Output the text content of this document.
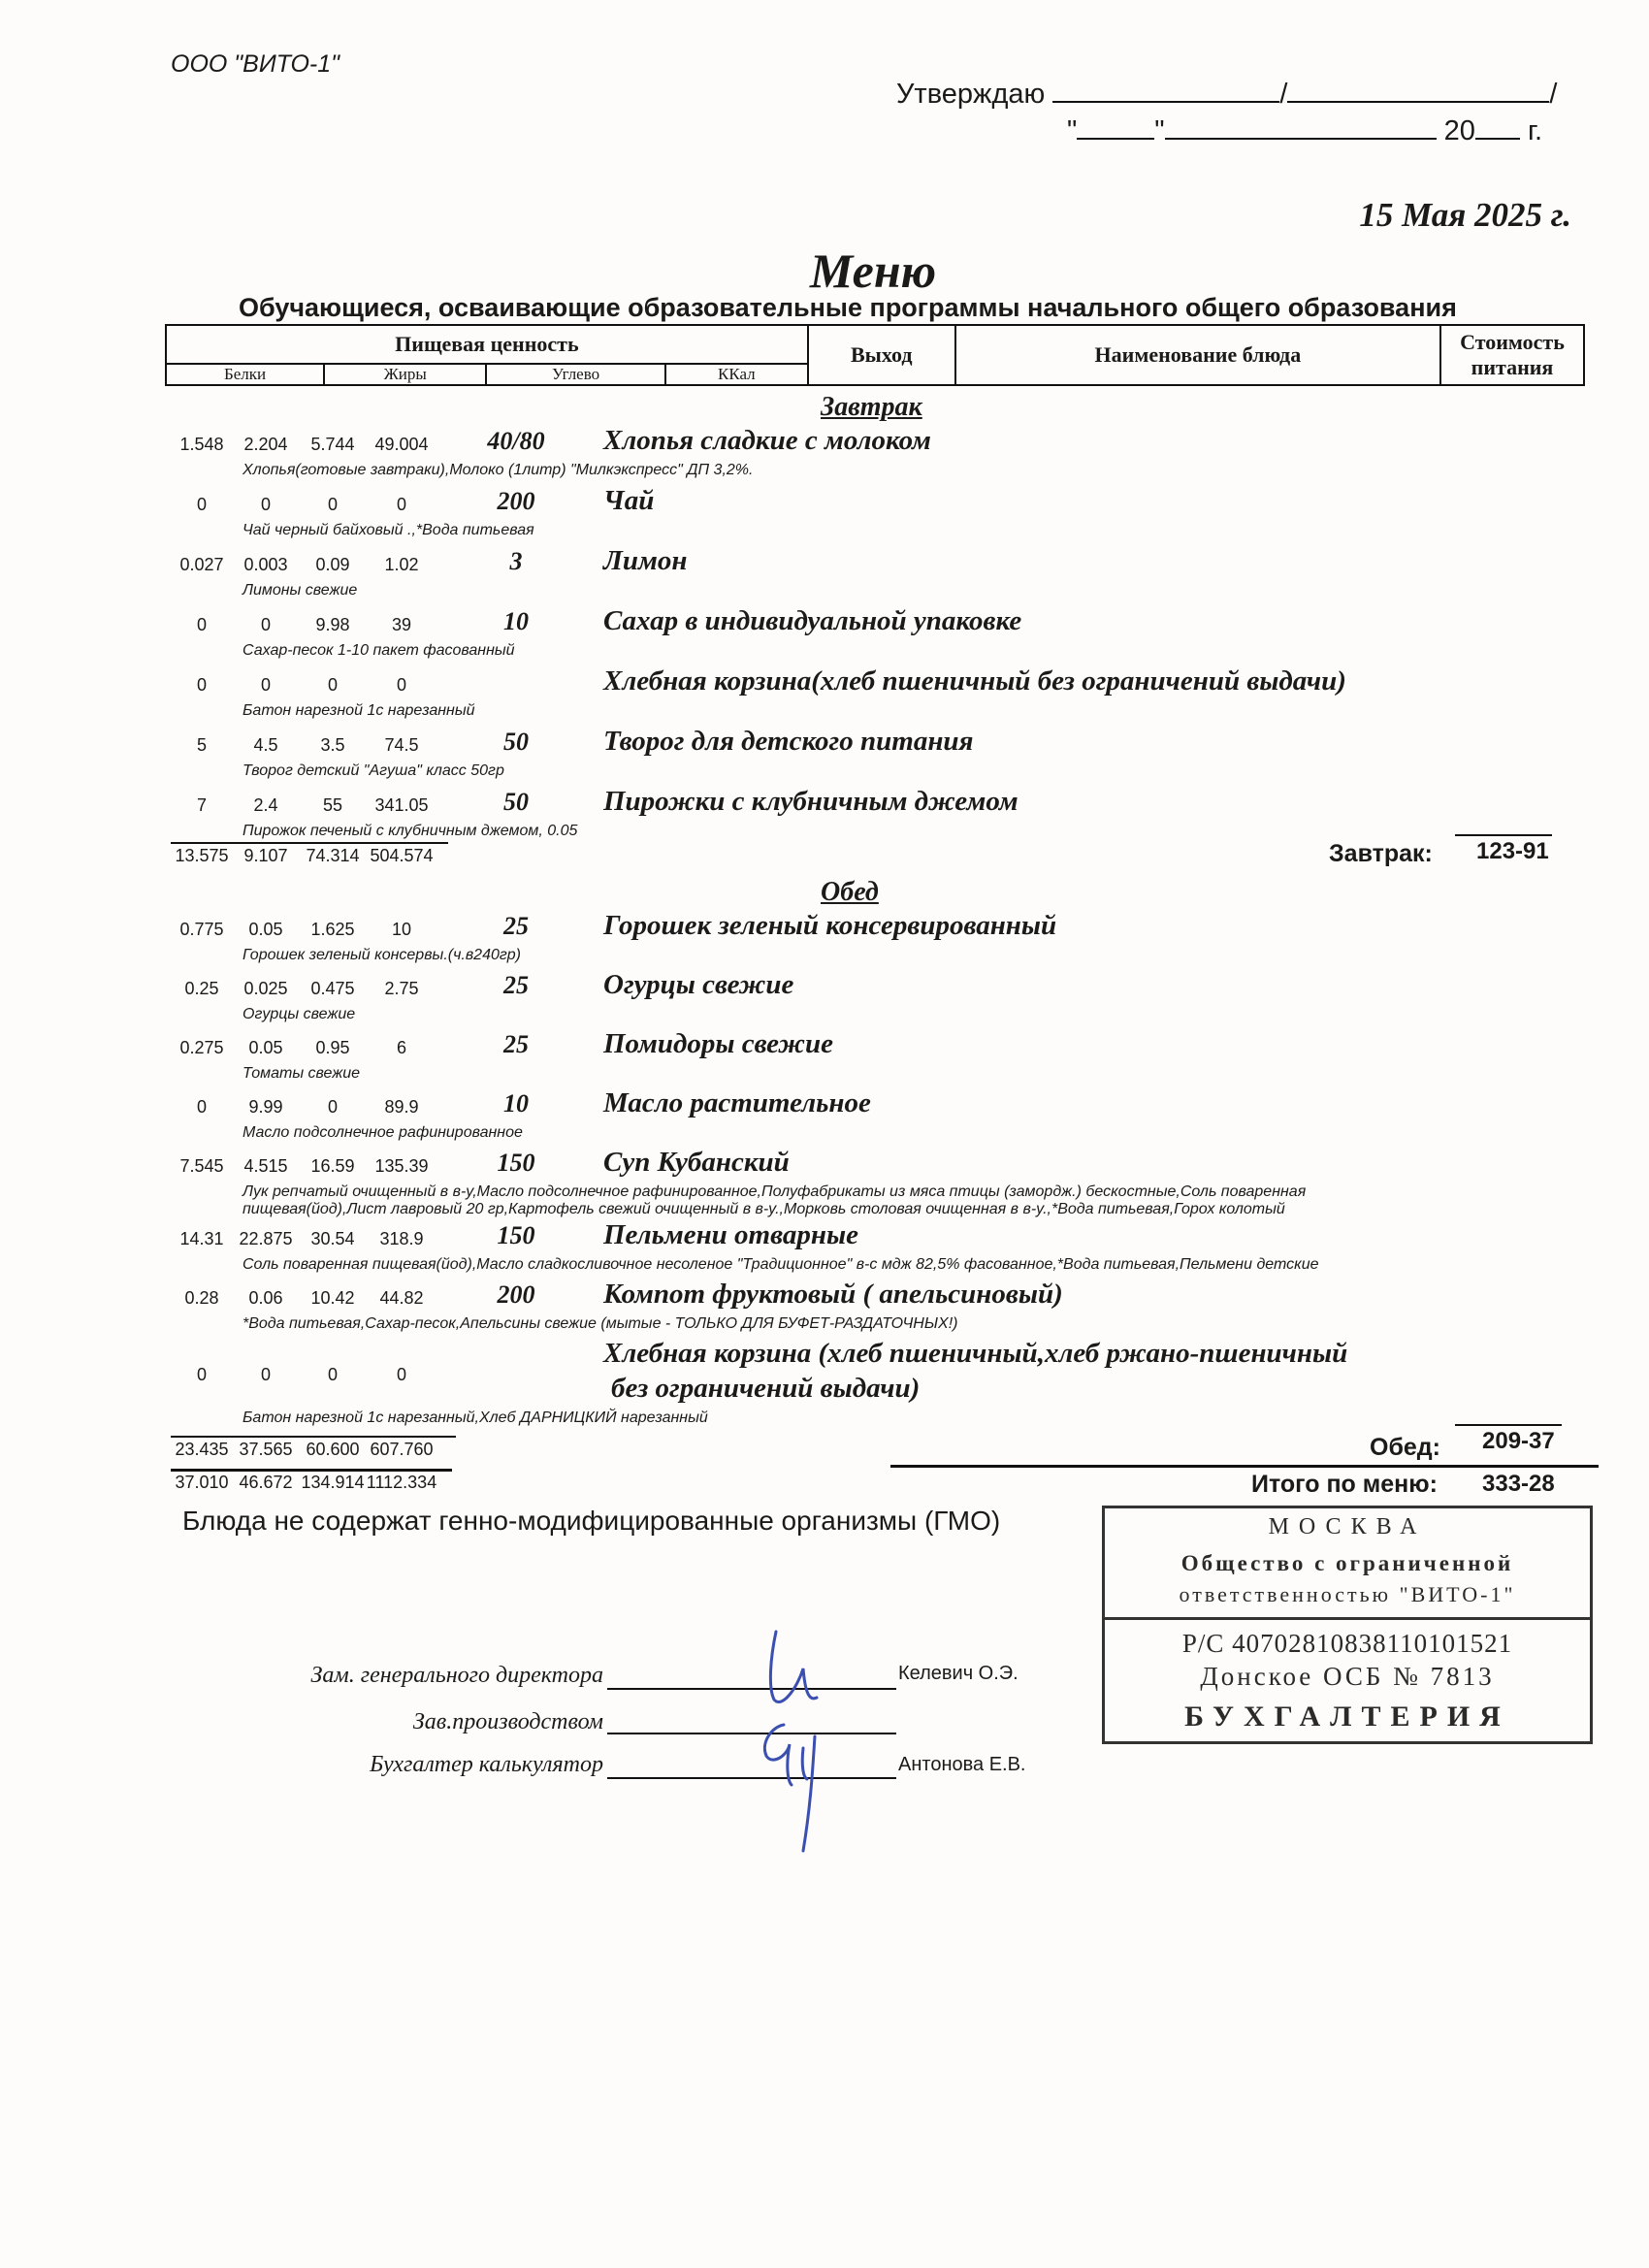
ООО "ВИТО-1"
Утверждаю	/	/
"	"	20 г.
15 Мая 2025 г.
Меню
Обучающиеся, осваивающие образовательные программы начального общего образования
Пищевая ценность				Выход	Наименование блюда	Стоимость питания
Белки	Жиры	Углево	ККал			
Завтрак
1.548	2.204	5.744	49.004	40/80	Хлопья сладкие с молоком
Хлопья(готовые завтраки),Молоко (1литр) "Милкэкспресс" ДП 3,2%.
0	0	0	0	200	Чай
Чай черный байховый .,*Вода питьевая
0.027	0.003	0.09	1.02	3	Лимон
Лимоны свежие
0	0	9.98	39	10	Сахар в индивидуальной упаковке
Сахар-песок 1-10 пакет фасованный
0	0	0	0	Хлебная корзина(хлеб пшеничный без ограничений выдачи)
Батон нарезной 1с нарезанный
5	4.5	3.5	74.5	50	Творог для детского питания
Творог детский "Агуша" класс 50гр
7	2.4	55	341.05	50	Пирожки с клубничным джемом
Пирожок печеный с клубничным джемом, 0.05
13.575 9.107	74.314 504.574	Завтрак: 123-91
Обед
0.775	0.05	1.625	10	25	Горошек зеленый консервированный
Горошек зеленый консервы.(ч.в240гр)
0.25	0.025	0.475	2.75	25	Огурцы свежие
Огурцы свежие
0.275	0.05	0.95	6	25	Помидоры свежие
Томаты свежие
0	9.99	0	89.9	10	Масло растительное
Масло подсолнечное рафинированное
7.545	4.515	16.59	135.39	150	Суп Кубанский
Лук репчатый очищенный в в-у,Масло подсолнечное рафинированное,Полуфабрикаты из мяса птицы (замордж.) бескостные,Соль поваренная
пищевая(йод),Лист лавровый 20 гр,Картофель свежий очищенный в в-у.,Морковь столовая очищенная в в-у.,*Вода питьевая,Горох колотый
14.31 22.875	30.54	318.9	150	Пельмени отварные
Соль поваренная пищевая(йод),Масло сладкосливочное несоленое "Традиционное" в-с мдж 82,5% фасованное,*Вода питьевая,Пельмени детские
0.28	0.06	10.42	44.82	200	Компот фруктовый ( апельсиновый)
*Вода питьевая,Сахар-песок,Апельсины свежие (мытые - ТОЛЬКО ДЛЯ БУФЕТ-РАЗДАТОЧНЫХ!)
0	0	0	0
Хлебная корзина (хлеб пшеничный,хлеб ржано-пшеничный
без ограничений выдачи)
Батон нарезной 1с нарезанный,Хлеб ДАРНИЦКИЙ нарезанный
23.435 37.565 60.600 607.760	Обед: 209-37
37.010 46.672 134.914 1112.334	Итого по меню: 333-28
Блюда не содержат генно-модифицированные организмы (ГМО)	МОСКВА
Общество с ограниченной
ответственностью "ВИТО-1"
Р/С 40702810838110101521
Донское ОСБ № 7813
БУХГАЛТЕРИЯ
Зам. генерального директора	Келевич О.Э.
Зав.производством
Бухгалтер калькулятор	Антонова Е.В.
